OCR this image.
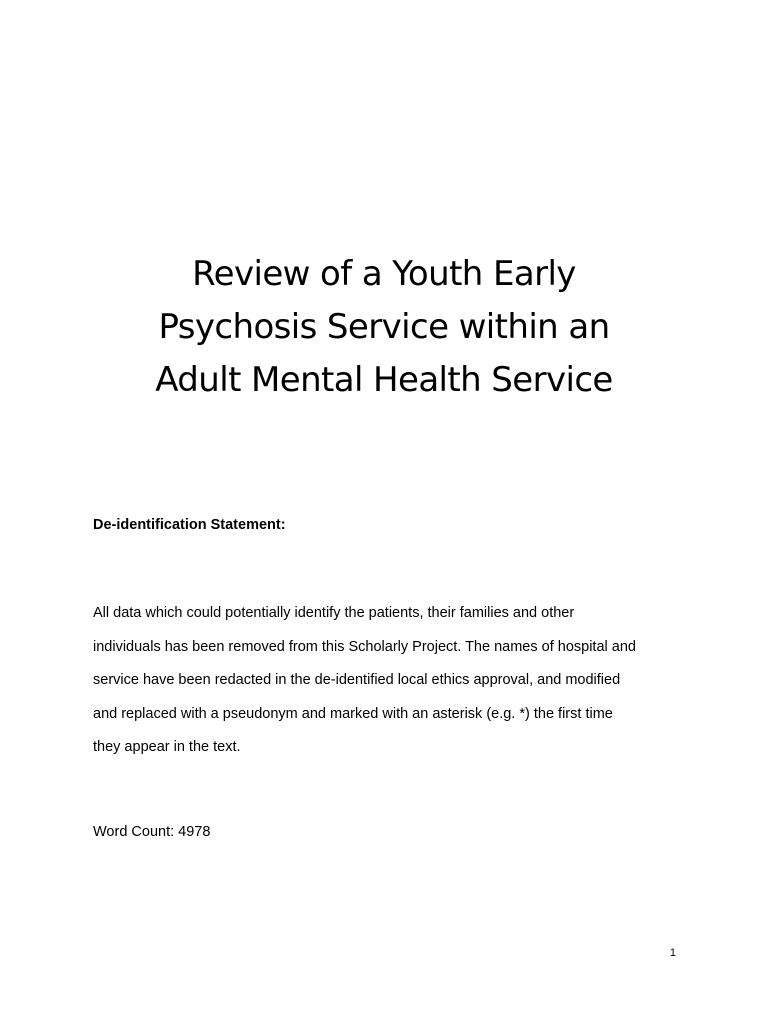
Review of a Youth Early
Psychosis Service within an
Adult Mental Health Service

De-identification Statement:

All data which could potentially identify the patients, their families and other
individuals has been removed from this Scholarly Project. The names of hospital and
service have been redacted in the de-identified local ethics approval, and modified
and replaced with a pseudonym and marked with an asterisk (e.g. *) the first time
they appear in the text.

Word Count: 4978

1
